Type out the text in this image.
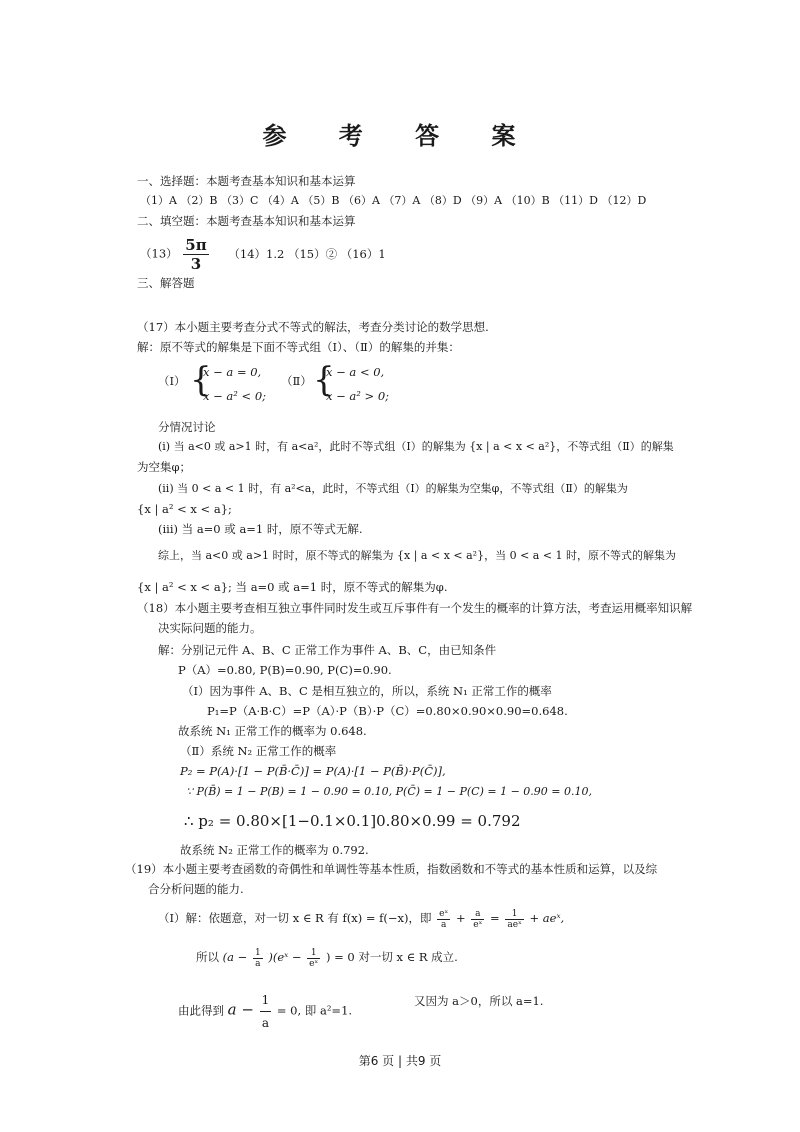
参 考 答 案
一、选择题：本题考查基本知识和基本运算
（1）A （2）B （3）C （4）A （5）B （6）A （7）A （8）D （9）A （10）B （11）D （12）D
二、填空题：本题考查基本知识和基本运算
$(13) \frac{5\pi}{3} (14)1.2$ （15）② （16）1
三、解答题
（17）本小题主要考查分式不等式的解法，考查分类讨论的数学思想.
解：原不等式的解集是下面不等式组（Ⅰ）、（Ⅱ）的解集的并集：
（Ⅰ） {
x − a = 0,
x − a² < 0;
（Ⅱ） {
x − a < 0,
x − a² > 0;
分情况讨论
(i) 当 a<0 或 a>1 时，有 a<a²，此时不等式组（Ⅰ）的解集为 {x | a < x < a²}，不等式组（Ⅱ）的解集
为空集φ；
(ii) 当 0 < a < 1 时，有 a²<a，此时，不等式组（Ⅰ）的解集为空集φ，不等式组（Ⅱ）的解集为
{x | a² < x < a};
(iii) 当 a=0 或 a=1 时，原不等式无解.
综上，当 a<0 或 a>1 时时，原不等式的解集为 {x | a < x < a²}，当 0 < a < 1 时，原不等式的解集为
{x | a² < x < a}; 当 a=0 或 a=1 时，原不等式的解集为φ.
（18）本小题主要考查相互独立事件同时发生或互斥事件有一个发生的概率的计算方法，考查运用概率知识解
决实际问题的能力。
解：分别记元件 A、B、C 正常工作为事件 A、B、C，由已知条件
P（A）=0.80, P(B)=0.90, P(C)=0.90.
（Ⅰ）因为事件 A、B、C 是相互独立的，所以，系统 N₁ 正常工作的概率
P₁=P（A·B·C）=P（A）·P（B）·P（C）=0.80×0.90×0.90=0.648.
故系统 N₁ 正常工作的概率为 0.648.
（Ⅱ）系统 N₂ 正常工作的概率
P₂ = P(A)·[1 − P(B̄·C̄)] = P(A)·[1 − P(B̄)·P(C̄)],
∵ P(B̄) = 1 − P(B) = 1 − 0.90 = 0.10, P(C̄) = 1 − P(C) = 1 − 0.90 = 0.10,
∴ p₂ = 0.80×[1−0.1×0.1]0.80×0.99 = 0.792
故系统 N₂ 正常工作的概率为 0.792.
（19）本小题主要考查函数的奇偶性和单调性等基本性质，指数函数和不等式的基本性质和运算，以及综
合分析问题的能力.
（Ⅰ）解：依题意，对一切 x ∈ R 有 f(x) = f(−x)，即 $\frac{\text{eˣ}}{a} + \frac{a}{\text{eˣ}} = \frac{1}{\text{aeˣ}}$ + aeˣ,
所以 ($a - \frac{1}{a}$ )(eˣ − $\frac{1}{\text{eˣ}}$ ) = 0 对一切 x ∈ R 成立.
由此得到 $a - \frac{1}{a} = 0$, 即 a²=1.
又因为 a＞0，所以 a=1.
第6 页 | 共9 页
